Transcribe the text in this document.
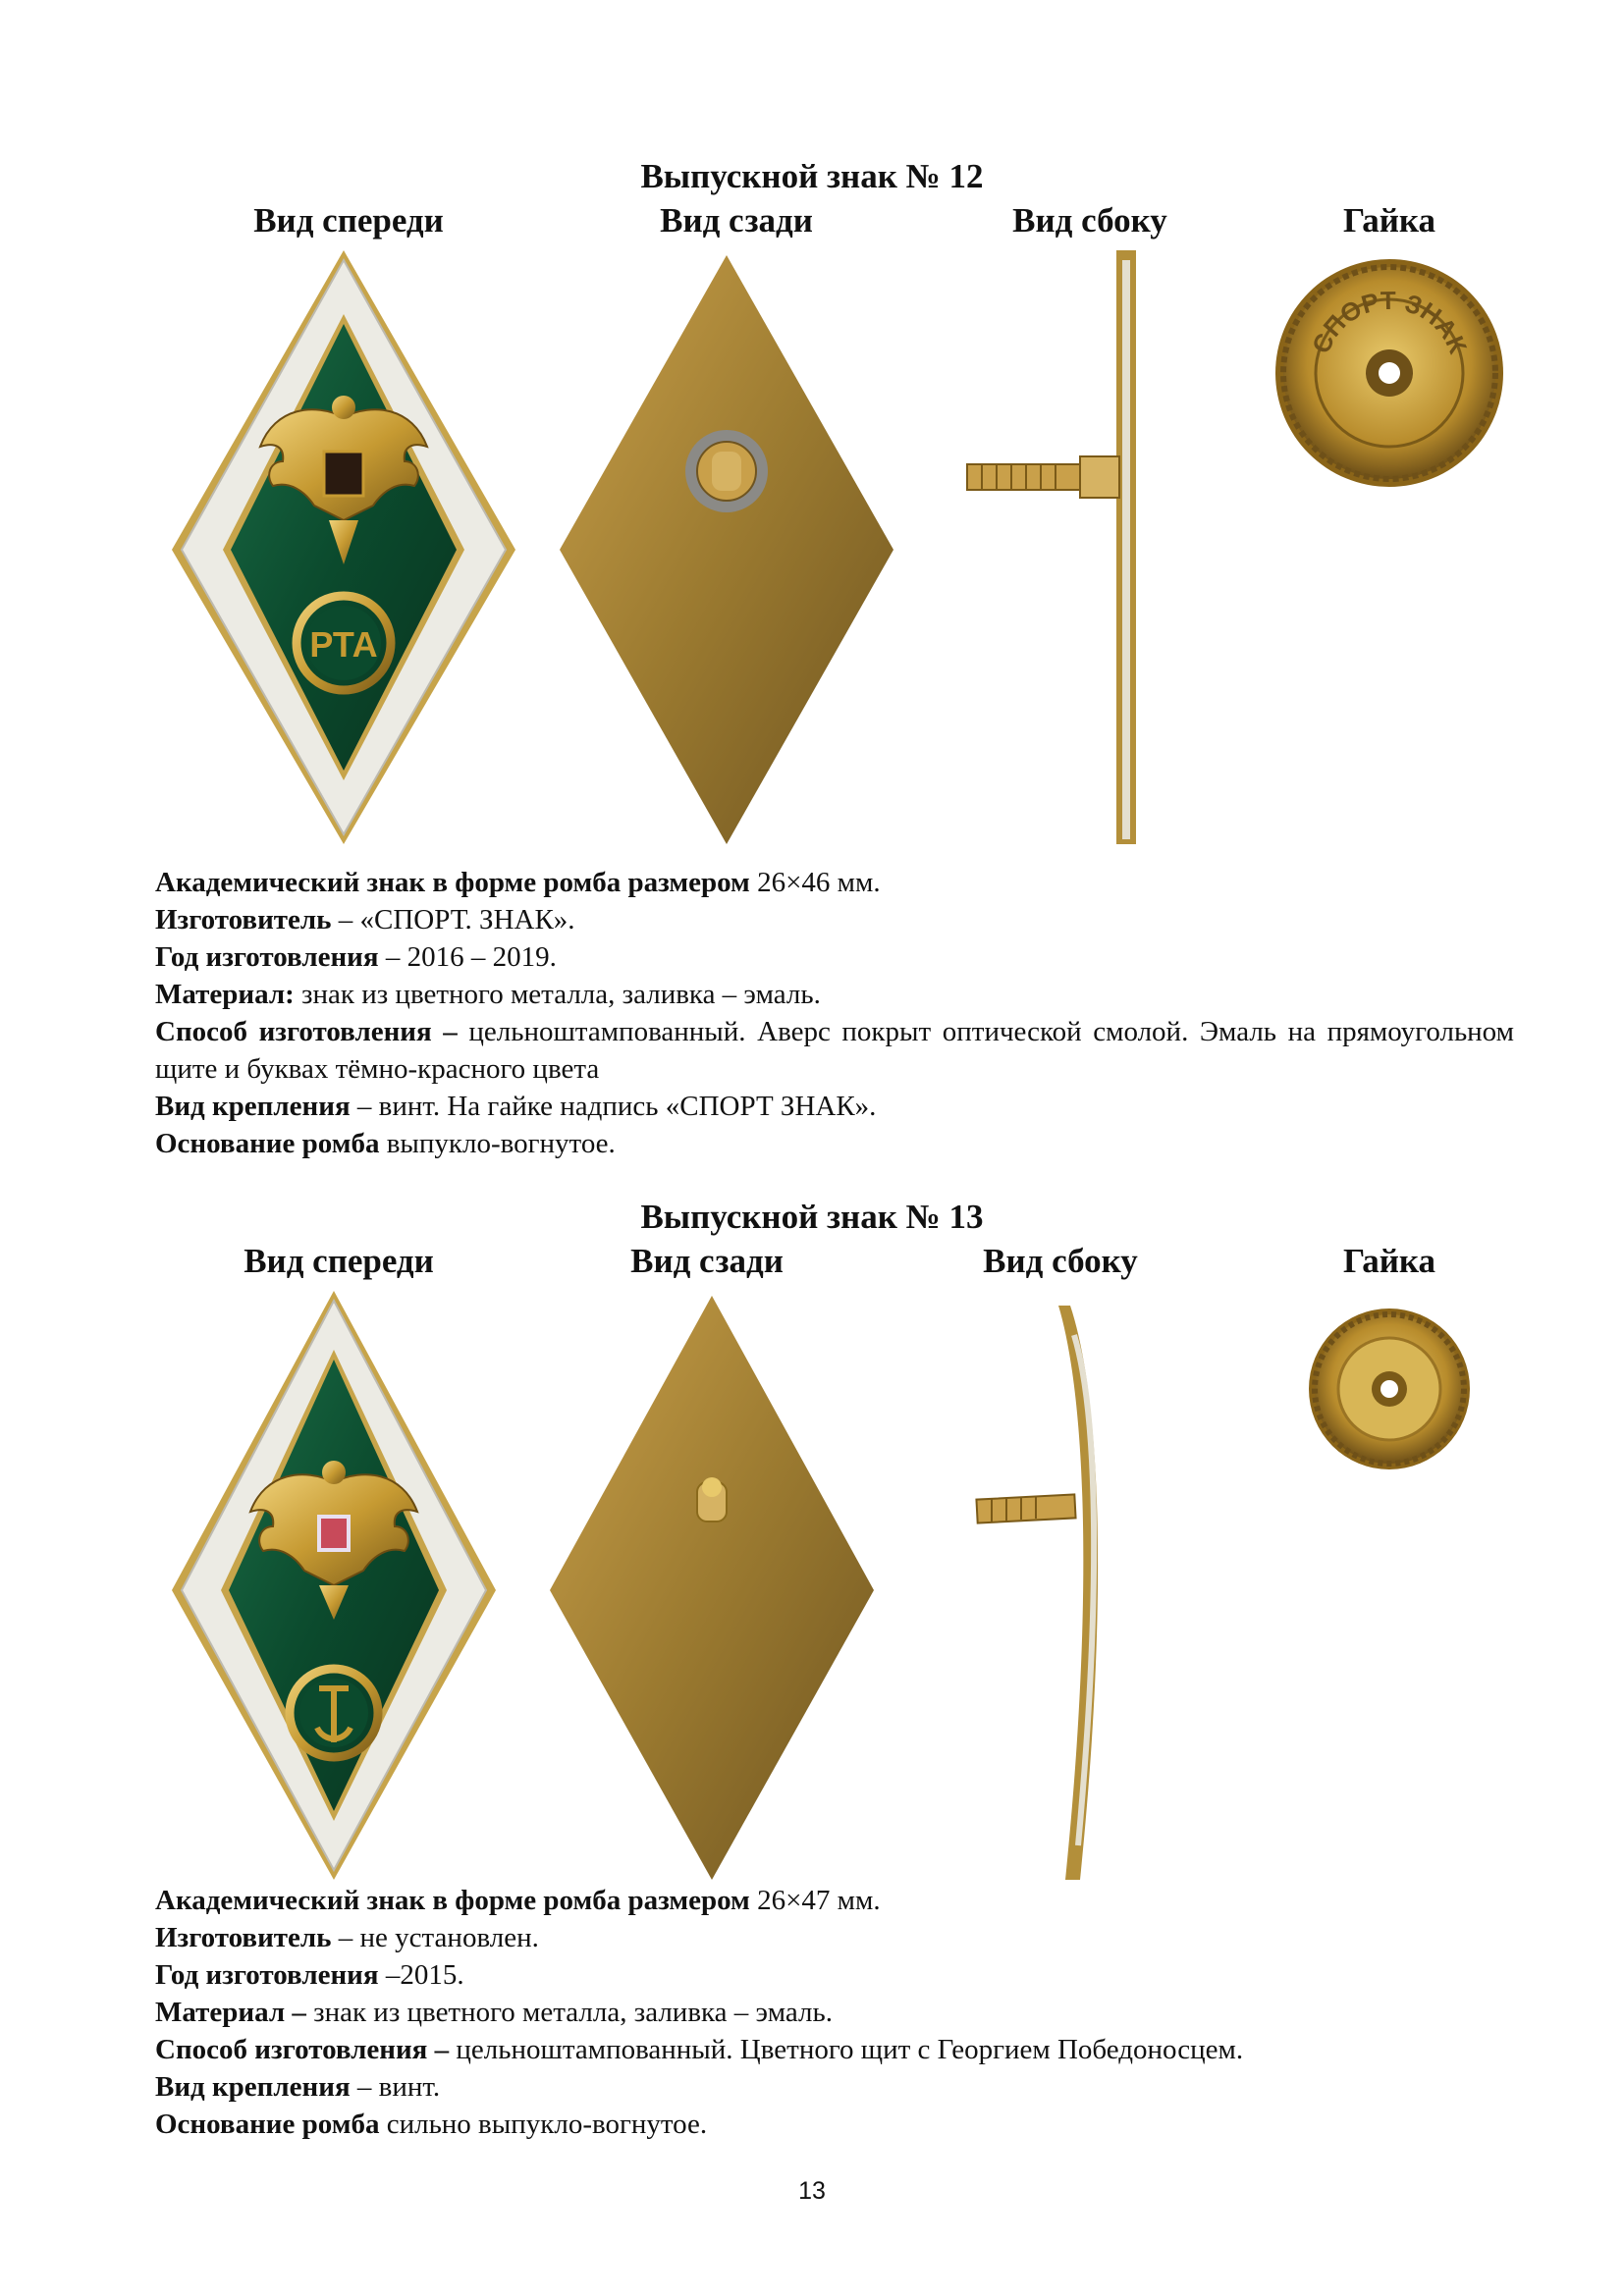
Выпускной знак № 12
Вид спереди	Вид сзади	Вид сбоку	Гайка
РТА
СПОРТ ЗНАК

Академический знак в форме ромба размером 26×46 мм.

Изготовитель – «СПОРТ. ЗНАК».

Год изготовления – 2016 – 2019.

Материал: знак из цветного металла, заливка – эмаль.

Способ изготовления – цельноштампованный. Аверс покрыт оптической смолой. Эмаль на прямоугольном щите и буквах тёмно-красного цвета

Вид крепления – винт. На гайке надпись «СПОРТ ЗНАК».

Основание ромба выпукло-вогнутое.

Выпускной знак № 13
Вид спереди	Вид сзади	Вид сбоку	Гайка

Академический знак в форме ромба размером 26×47 мм.

Изготовитель – не установлен.

Год изготовления –2015.

Материал – знак из цветного металла, заливка – эмаль.

Способ изготовления – цельноштампованный. Цветного щит с Георгием Победоносцем.

Вид крепления – винт.

Основание ромба сильно выпукло-вогнутое.

13
